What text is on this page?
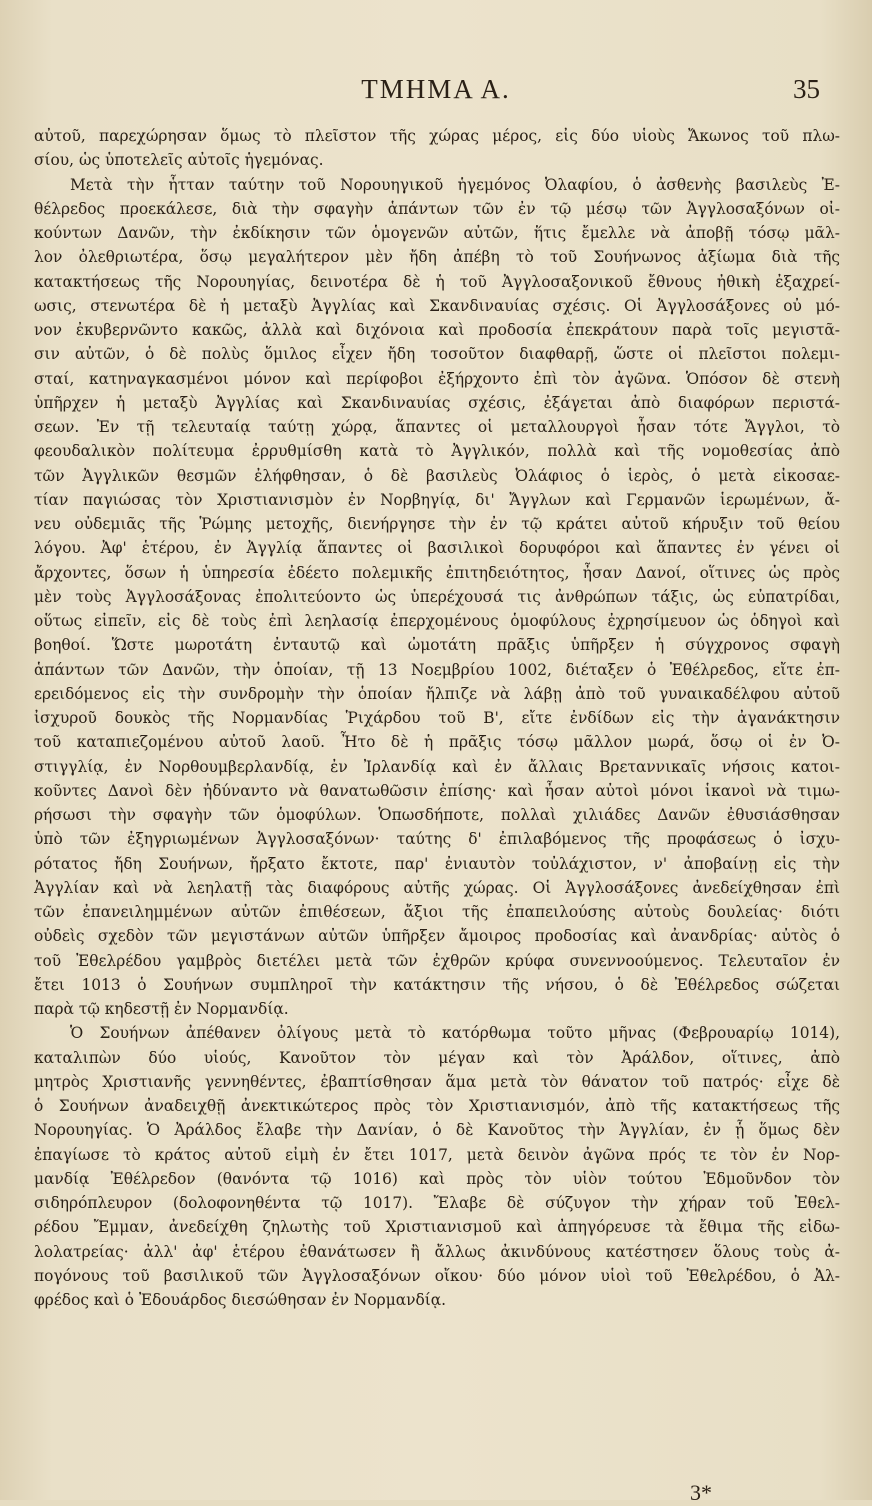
ΤΜΗΜΑ Α.	35
αὐτοῦ, παρεχώρησαν ὅμως τὸ πλεῖστον τῆς χώρας μέρος, εἰς δύο υἱοὺς Ἄκωνος τοῦ πλω-
σίου, ὡς ὑποτελεῖς αὐτοῖς ἡγεμόνας.
Μετὰ τὴν ἧτταν ταύτην τοῦ Νορουηγικοῦ ἡγεμόνος Ὀλαφίου, ὁ ἀσθενὴς βασιλεὺς Ἐ-
θέλρεδος προεκάλεσε, διὰ τὴν σφαγὴν ἁπάντων τῶν ἐν τῷ μέσῳ τῶν Ἀγγλοσαξόνων οἰ-
κούντων Δανῶν, τὴν ἐκδίκησιν τῶν ὁμογενῶν αὐτῶν, ἥτις ἔμελλε νὰ ἀποβῇ τόσῳ μᾶλ-
λον ὀλεθριωτέρα, ὅσῳ μεγαλήτερον μὲν ἤδη ἀπέβη τὸ τοῦ Σουήνωνος ἀξίωμα διὰ τῆς
κατακτήσεως τῆς Νορουηγίας, δεινοτέρα δὲ ἡ τοῦ Ἀγγλοσαξονικοῦ ἔθνους ἠθικὴ ἐξαχρεί-
ωσις, στενωτέρα δὲ ἡ μεταξὺ Ἀγγλίας καὶ Σκανδιναυίας σχέσις. Οἱ Ἀγγλοσάξονες οὐ μό-
νον ἐκυβερνῶντο κακῶς, ἀλλὰ καὶ διχόνοια καὶ προδοσία ἐπεκράτουν παρὰ τοῖς μεγιστᾶ-
σιν αὐτῶν, ὁ δὲ πολὺς ὅμιλος εἶχεν ἤδη τοσοῦτον διαφθαρῇ, ὥστε οἱ πλεῖστοι πολεμι-
σταί, κατηναγκασμένοι μόνον καὶ περίφοβοι ἐξήρχοντο ἐπὶ τὸν ἀγῶνα. Ὁπόσον δὲ στενὴ
ὑπῆρχεν ἡ μεταξὺ Ἀγγλίας καὶ Σκανδιναυίας σχέσις, ἐξάγεται ἀπὸ διαφόρων περιστά-
σεων. Ἐν τῇ τελευταίᾳ ταύτῃ χώρᾳ, ἅπαντες οἱ μεταλλουργοὶ ἦσαν τότε Ἄγγλοι, τὸ
φεουδαλικὸν πολίτευμα ἐρρυθμίσθη κατὰ τὸ Ἀγγλικόν, πολλὰ καὶ τῆς νομοθεσίας ἀπὸ
τῶν Ἀγγλικῶν θεσμῶν ἐλήφθησαν, ὁ δὲ βασιλεὺς Ὀλάφιος ὁ ἱερὸς, ὁ μετὰ εἰκοσαε-
τίαν παγιώσας τὸν Χριστιανισμὸν ἐν Νορβηγίᾳ, δι' Ἄγγλων καὶ Γερμανῶν ἱερωμένων, ἄ-
νευ οὐδεμιᾶς τῆς Ῥώμης μετοχῆς, διενήργησε τὴν ἐν τῷ κράτει αὐτοῦ κήρυξιν τοῦ θείου
λόγου. Ἀφ' ἑτέρου, ἐν Ἀγγλίᾳ ἅπαντες οἱ βασιλικοὶ δορυφόροι καὶ ἅπαντες ἐν γένει οἱ
ἄρχοντες, ὅσων ἡ ὑπηρεσία ἐδέετο πολεμικῆς ἐπιτηδειότητος, ἦσαν Δανοί, οἵτινες ὡς πρὸς
μὲν τοὺς Ἀγγλοσάξονας ἐπολιτεύοντο ὡς ὑπερέχουσά τις ἀνθρώπων τάξις, ὡς εὐπατρίδαι,
οὕτως εἰπεῖν, εἰς δὲ τοὺς ἐπὶ λεηλασίᾳ ἐπερχομένους ὁμοφύλους ἐχρησίμευον ὡς ὁδηγοὶ καὶ
βοηθοί. Ὥστε μωροτάτη ἐνταυτῷ καὶ ὠμοτάτη πρᾶξις ὑπῆρξεν ἡ σύγχρονος σφαγὴ
ἁπάντων τῶν Δανῶν, τὴν ὁποίαν, τῇ 13 Νοεμβρίου 1002, διέταξεν ὁ Ἐθέλρεδος, εἴτε ἐπ-
ερειδόμενος εἰς τὴν συνδρομὴν τὴν ὁποίαν ἤλπιζε νὰ λάβῃ ἀπὸ τοῦ γυναικαδέλφου αὐτοῦ
ἰσχυροῦ δουκὸς τῆς Νορμανδίας Ῥιχάρδου τοῦ Β', εἴτε ἐνδίδων εἰς τὴν ἀγανάκτησιν
τοῦ καταπιεζομένου αὐτοῦ λαοῦ. Ἦτο δὲ ἡ πρᾶξις τόσῳ μᾶλλον μωρά, ὅσῳ οἱ ἐν Ὀ-
στιγγλίᾳ, ἐν Νορθουμβερλανδίᾳ, ἐν Ἰρλανδίᾳ καὶ ἐν ἄλλαις Βρεταννικαῖς νήσοις κατοι-
κοῦντες Δανοὶ δὲν ἠδύναντο νὰ θανατωθῶσιν ἐπίσης· καὶ ἦσαν αὐτοὶ μόνοι ἱκανοὶ νὰ τιμω-
ρήσωσι τὴν σφαγὴν τῶν ὁμοφύλων. Ὁπωσδήποτε, πολλαὶ χιλιάδες Δανῶν ἐθυσιάσθησαν
ὑπὸ τῶν ἐξηγριωμένων Ἀγγλοσαξόνων· ταύτης δ' ἐπιλαβόμενος τῆς προφάσεως ὁ ἰσχυ-
ρότατος ἤδη Σουήνων, ἤρξατο ἔκτοτε, παρ' ἐνιαυτὸν τοὐλάχιστον, ν' ἀποβαίνῃ εἰς τὴν
Ἀγγλίαν καὶ νὰ λεηλατῇ τὰς διαφόρους αὐτῆς χώρας. Οἱ Ἀγγλοσάξονες ἀνεδείχθησαν ἐπὶ
τῶν ἐπανειλημμένων αὐτῶν ἐπιθέσεων, ἄξιοι τῆς ἐπαπειλούσης αὐτοὺς δουλείας· διότι
οὐδεὶς σχεδὸν τῶν μεγιστάνων αὐτῶν ὑπῆρξεν ἄμοιρος προδοσίας καὶ ἀνανδρίας· αὐτὸς ὁ
τοῦ Ἐθελρέδου γαμβρὸς διετέλει μετὰ τῶν ἐχθρῶν κρύφα συνεννοούμενος. Τελευταῖον ἐν
ἔτει 1013 ὁ Σουήνων συμπληροῖ τὴν κατάκτησιν τῆς νήσου, ὁ δὲ Ἐθέλρεδος σώζεται
παρὰ τῷ κηδεστῇ ἐν Νορμανδίᾳ.
Ὁ Σουήνων ἀπέθανεν ὀλίγους μετὰ τὸ κατόρθωμα τοῦτο μῆνας (Φεβρουαρίῳ 1014),
καταλιπὼν δύο υἱούς, Κανοῦτον τὸν μέγαν καὶ τὸν Ἀράλδον, οἵτινες, ἀπὸ
μητρὸς Χριστιανῆς γεννηθέντες, ἐβαπτίσθησαν ἅμα μετὰ τὸν θάνατον τοῦ πατρός· εἶχε δὲ
ὁ Σουήνων ἀναδειχθῇ ἀνεκτικώτερος πρὸς τὸν Χριστιανισμόν, ἀπὸ τῆς κατακτήσεως τῆς
Νορουηγίας. Ὁ Ἀράλδος ἔλαβε τὴν Δανίαν, ὁ δὲ Κανοῦτος τὴν Ἀγγλίαν, ἐν ᾗ ὅμως δὲν
ἐπαγίωσε τὸ κράτος αὐτοῦ εἰμὴ ἐν ἔτει 1017, μετὰ δεινὸν ἀγῶνα πρός τε τὸν ἐν Νορ-
μανδίᾳ Ἐθέλρεδον (θανόντα τῷ 1016) καὶ πρὸς τὸν υἱὸν τούτου Ἐδμοῦνδον τὸν
σιδηρόπλευρον (δολοφονηθέντα τῷ 1017). Ἔλαβε δὲ σύζυγον τὴν χήραν τοῦ Ἐθελ-
ρέδου Ἔμμαν, ἀνεδείχθη ζηλωτὴς τοῦ Χριστιανισμοῦ καὶ ἀπηγόρευσε τὰ ἔθιμα τῆς εἰδω-
λολατρείας· ἀλλ' ἀφ' ἑτέρου ἐθανάτωσεν ἢ ἄλλως ἀκινδύνους κατέστησεν ὅλους τοὺς ἀ-
πογόνους τοῦ βασιλικοῦ τῶν Ἀγγλοσαξόνων οἴκου· δύο μόνον υἱοὶ τοῦ Ἐθελρέδου, ὁ Ἀλ-
φρέδος καὶ ὁ Ἐδουάρδος διεσώθησαν ἐν Νορμανδίᾳ.
3*
